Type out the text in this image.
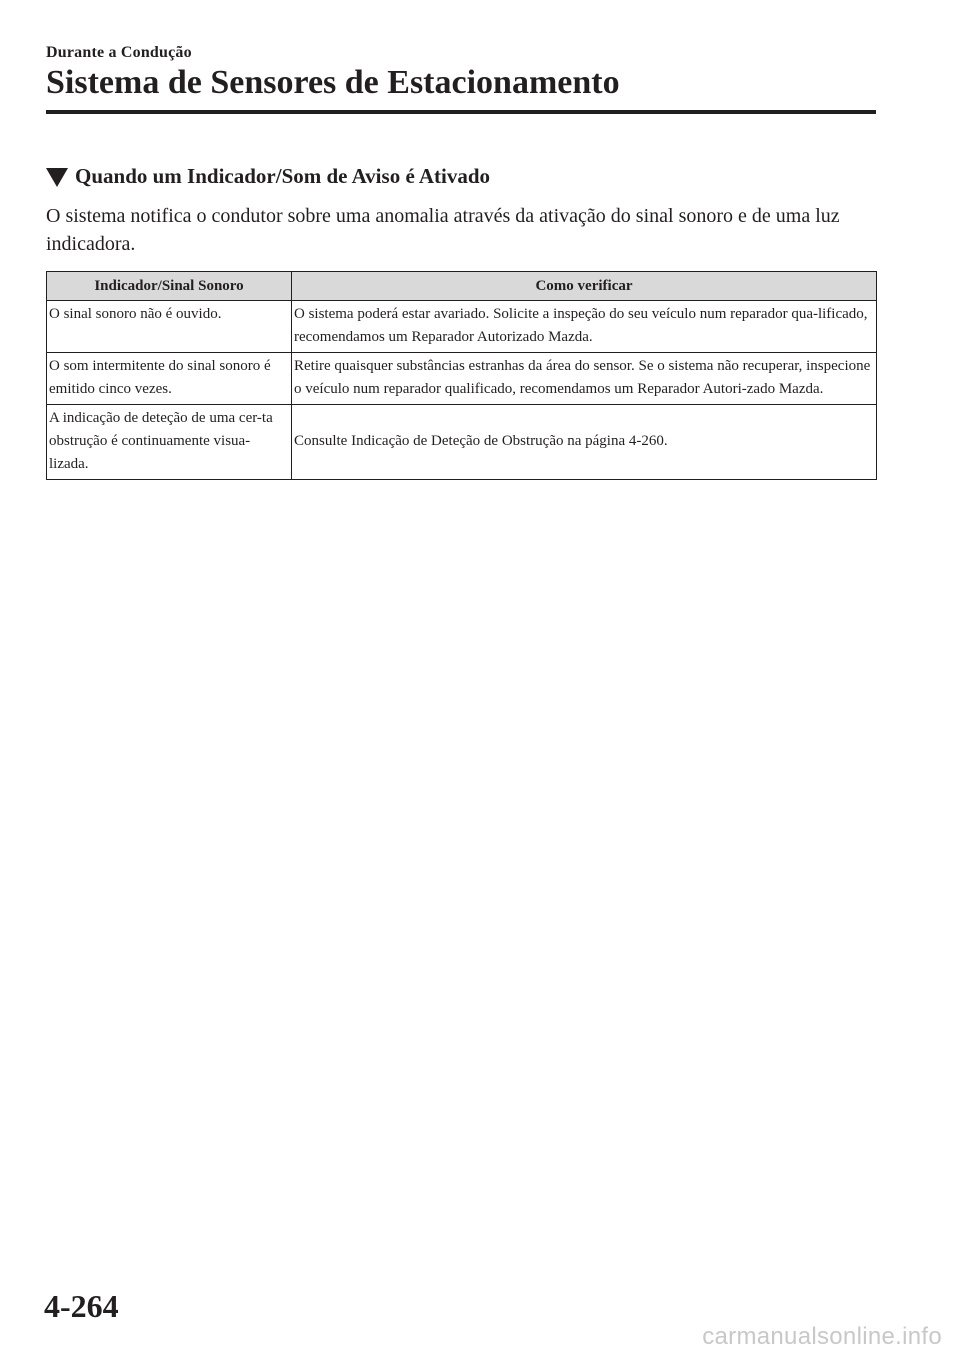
Durante a Condução
Sistema de Sensores de Estacionamento
Quando um Indicador/Som de Aviso é Ativado

O sistema notifica o condutor sobre uma anomalia através da ativação do sinal sonoro e de uma luz indicadora.

Indicador/Sinal Sonoro	Como verificar
O sinal sonoro não é ouvido.	O sistema poderá estar avariado. Solicite a inspeção do seu veículo num reparador qua-lificado, recomendamos um Reparador Autorizado Mazda.
O som intermitente do sinal sonoro é emitido cinco vezes.	Retire quaisquer substâncias estranhas da área do sensor. Se o sistema não recuperar, inspecione o veículo num reparador qualificado, recomendamos um Reparador Autori-zado Mazda.
A indicação de deteção de uma cer-ta obstrução é continuamente visua-lizada.	Consulte Indicação de Deteção de Obstrução na página 4-260.
4-264
carmanualsonline.info
